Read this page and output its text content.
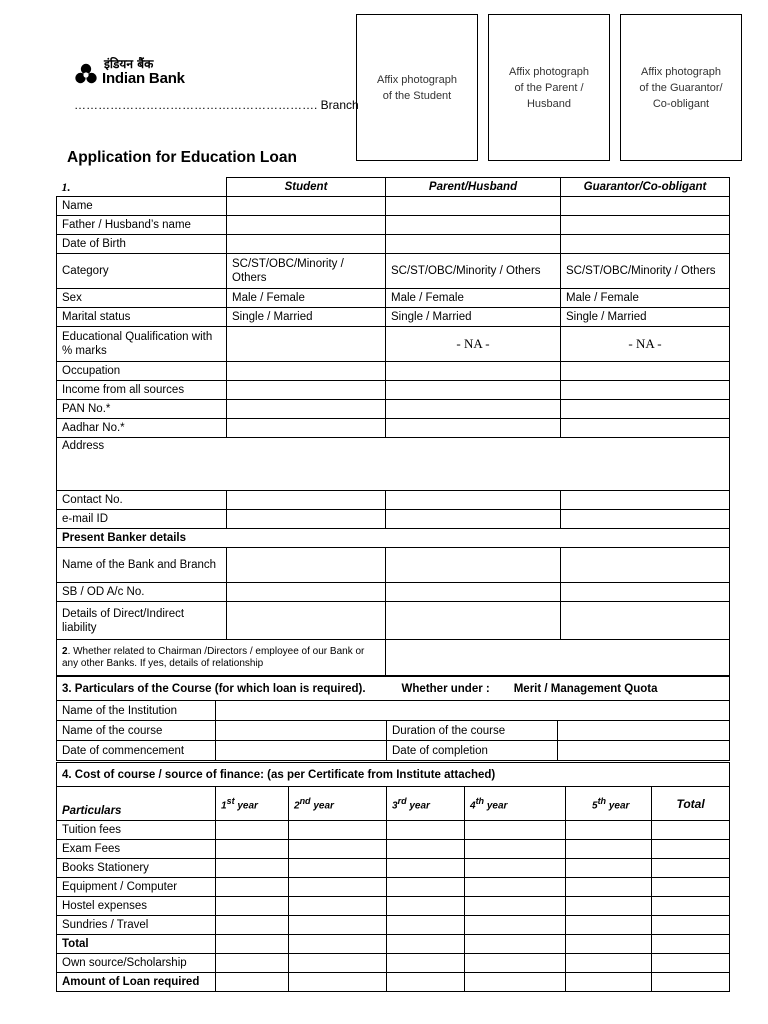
इंडियन बैंक
Indian Bank
……………………………………………………. Branch
Affix photograph
of the Student
Affix photograph
of the Parent /
Husband
Affix photograph
of the Guarantor/
Co-obligant
Application for Education Loan
1.	Student	Parent/Husband	Guarantor/Co-obligant
Name			
Father / Husband’s name			
Date of Birth			
Category	SC/ST/OBC/Minority / Others	SC/ST/OBC/Minority / Others	SC/ST/OBC/Minority / Others
Sex	Male / Female	Male / Female	Male / Female
Marital status	Single / Married	Single / Married	Single / Married
Educational Qualification with % marks		- NA -	- NA -
Occupation			
Income from all sources			
PAN No.*			
Aadhar No.*			
Address			
Contact No.			
e-mail ID			
Present Banker details			
Name of the Bank and Branch			
SB / OD A/c No.			
Details of Direct/Indirect liability			
2. Whether related to Chairman /Directors / employee of our Bank or any other Banks. If yes, details of relationship	
3. Particulars of the Course (for which loan is required). Whether under : Merit / Management Quota			
Name of the Institution			
Name of the course		Duration of the course	
Date of commencement		Date of completion	
4. Cost of course / source of finance: (as per Certificate from Institute attached)						
Particulars	1st year	2nd year	3rd year	4th year	5th year	Total
Tuition fees						
Exam Fees						
Books Stationery						
Equipment / Computer						
Hostel expenses						
Sundries / Travel						
Total						
Own source/Scholarship						
Amount of Loan required						
